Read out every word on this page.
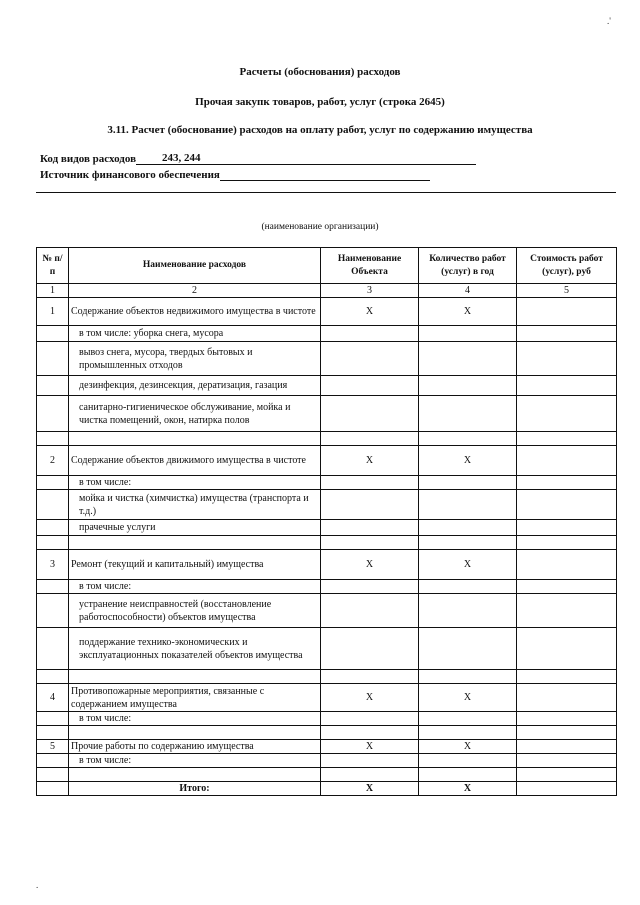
Расчеты (обоснования) расходов
Прочая закупк товаров, работ, услуг (строка 2645)
3.11. Расчет (обоснование) расходов на оплату работ, услуг по содержанию имущества
Код видов расходов 243, 244
Источник финансового обеспечения
(наименование организации)
№ п/п	Наименование расходов	Наименование Объекта	Количество работ (услуг) в год	Стоимость работ (услуг), руб
1	2	3	4	5
1	Содержание объектов недвижимого имущества в чистоте	X	X	
	в том числе: уборка снега, мусора			
	вывоз снега, мусора, твердых бытовых и промышленных отходов			
	дезинфекция, дезинсекция, дератизация, газация			
	санитарно-гигиеническое обслуживание, мойка и чистка помещений, окон, натирка полов			

2	Содержание объектов движимого имущества в чистоте	X	X	
	в том числе:			
	мойка и чистка (химчистка) имущества (транспорта и т.д.)			
	прачечные услуги			

3	Ремонт (текущий и капитальный) имущества	X	X	
	в том числе:			
	устранение неисправностей (восстановление работоспособности) объектов имущества			
	поддержание технико-экономических и эксплуатационных показателей объектов имущества			

4	Противопожарные мероприятия, связанные с содержанием имущества	X	X	
	в том числе:			

5	Прочие работы по содержанию имущества	X	X	
	в том числе:			

	Итого:	X	X	
.'
.
